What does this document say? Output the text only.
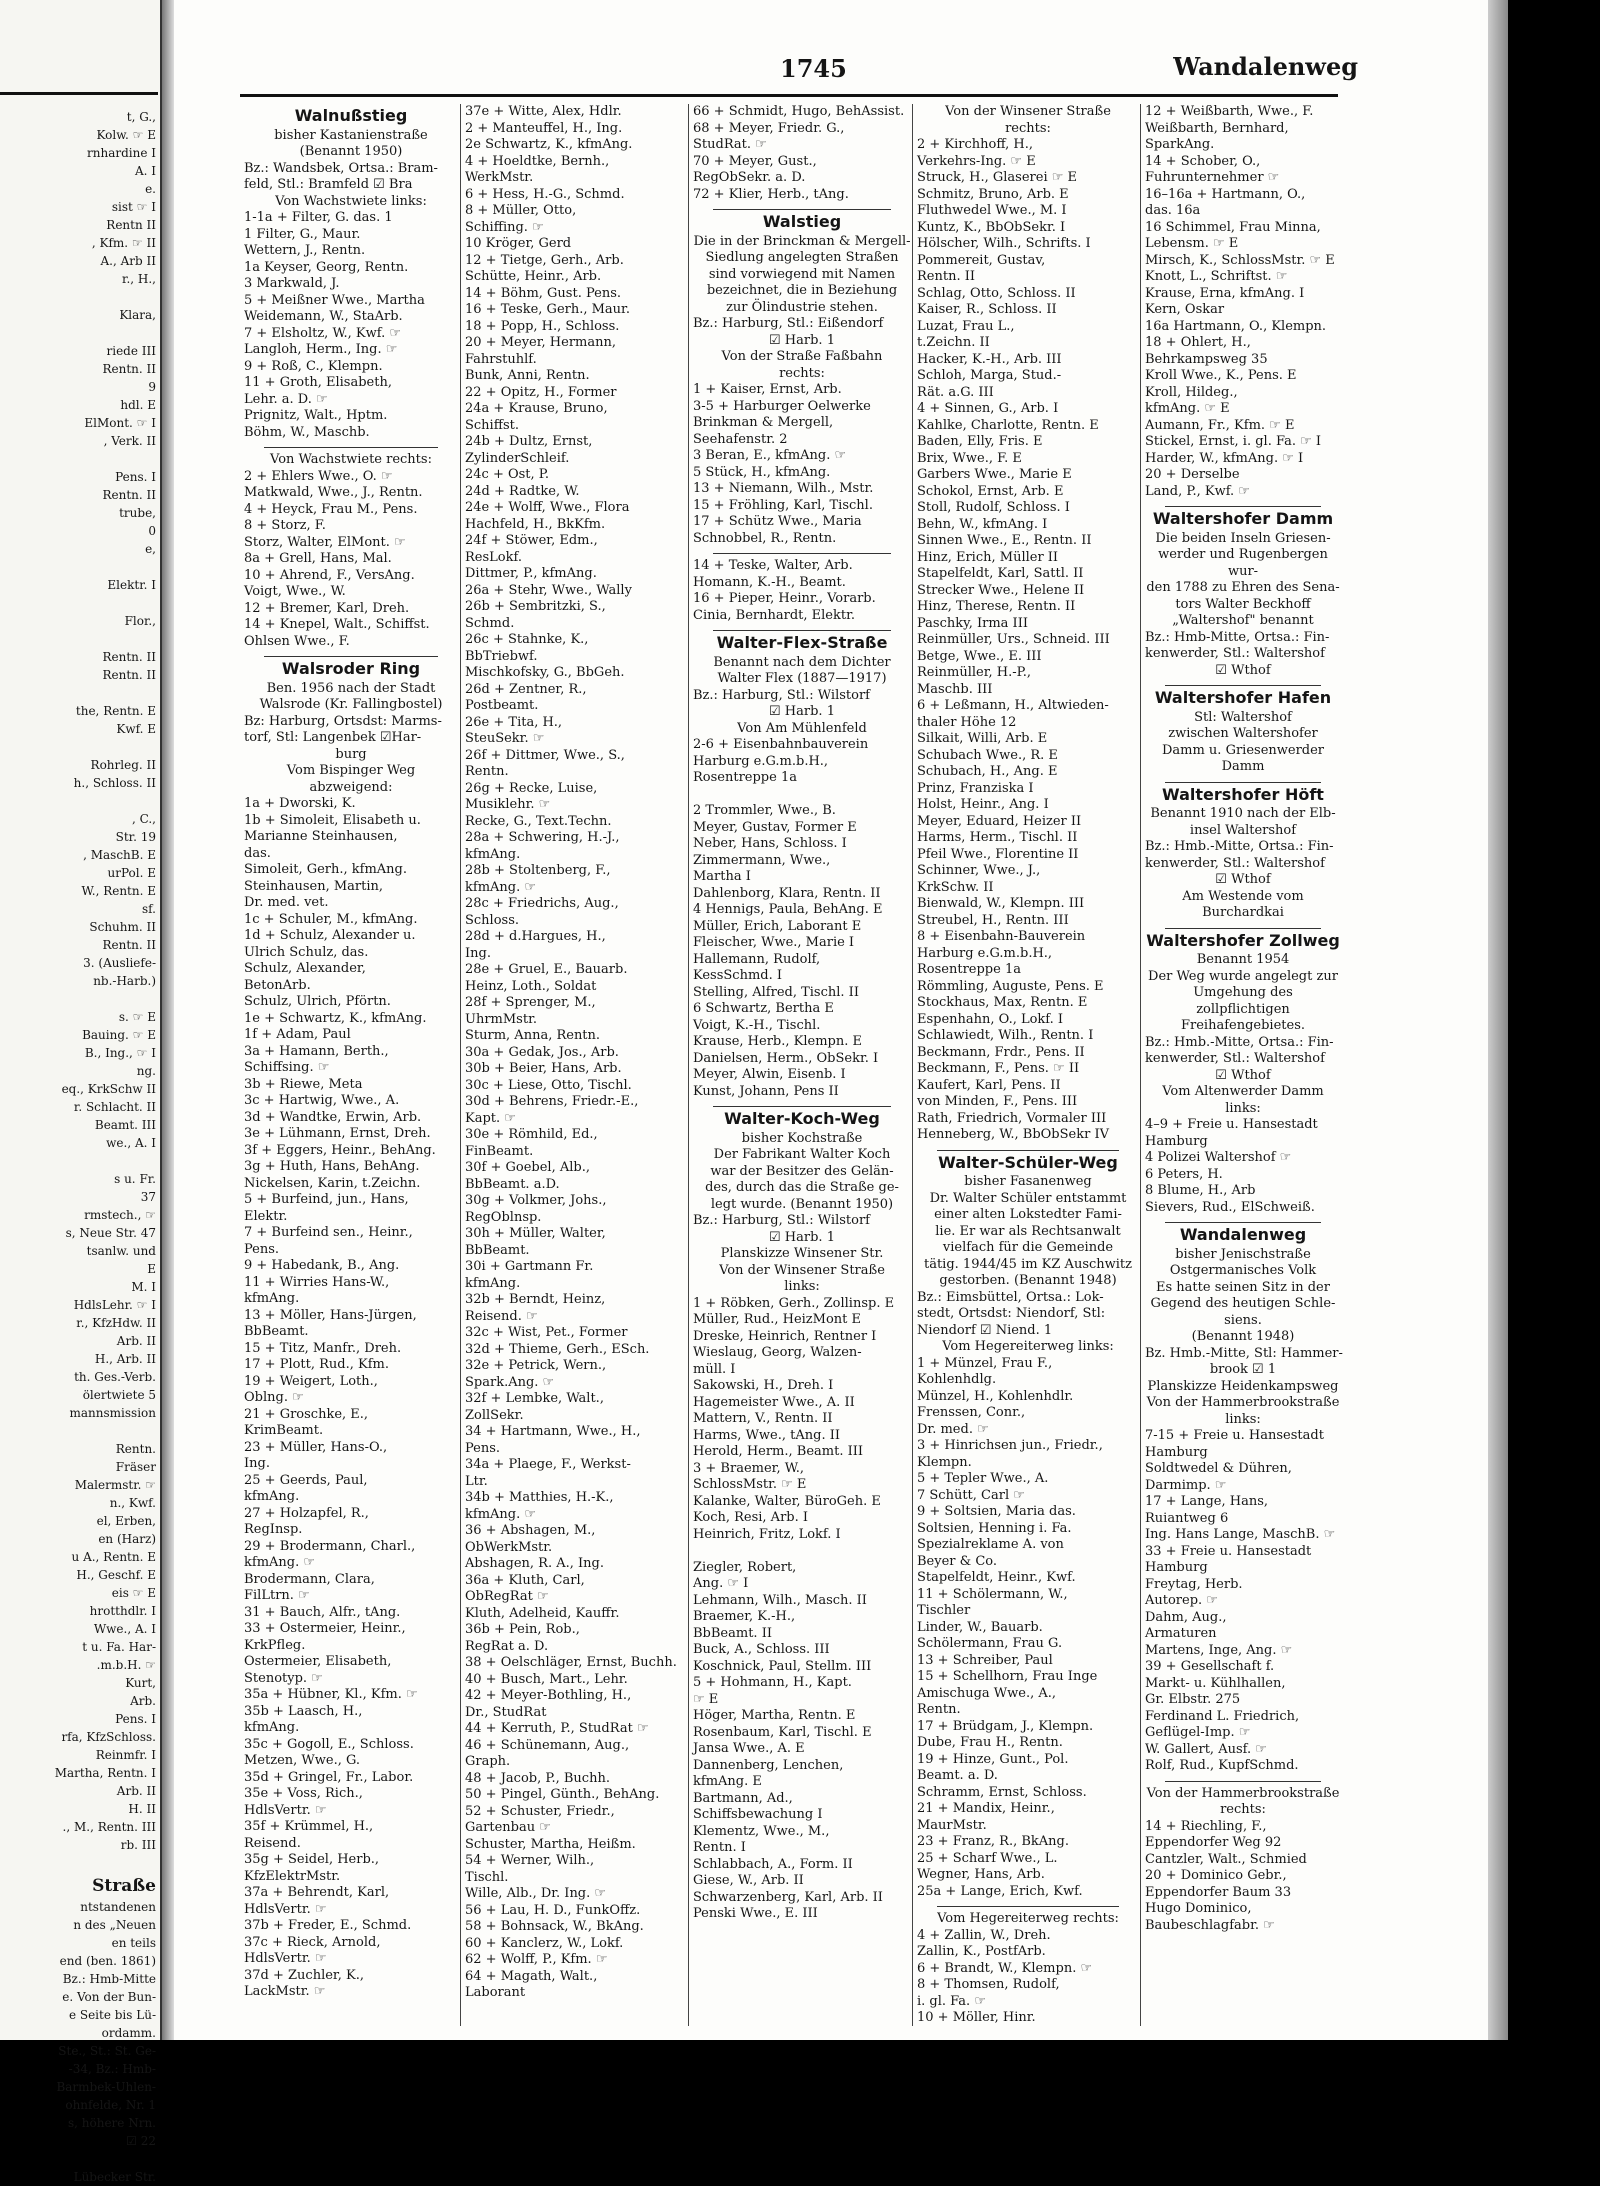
t, G.,
Kolw. ☞ E
rnhardine I
A. I
e.
sist ☞ I
Rentn II
, Kfm. ☞ II
A., Arb II
r., H.,

Klara,

riede III
Rentn. II
9
hdl. E
ElMont. ☞ I
, Verk. II

Pens. I
Rentn. II
trube,
0
e,

Elektr. I

Flor.,

Rentn. II
Rentn. II

the, Rentn. E
Kwf. E

Rohrleg. II
h., Schloss. II

, C.,
Str. 19
, MaschB. E
urPol. E
W., Rentn. E
sf.
Schuhm. II
Rentn. II
3. (Ausliefe-
nb.-Harb.)

s. ☞ E
Bauing. ☞ E
B., Ing., ☞ I
ng.
eq., KrkSchw II
r. Schlacht. II
Beamt. III
we., A. I

s u. Fr.
37
rmstech., ☞
s, Neue Str. 47
tsanlw. und
E
M. I
HdlsLehr. ☞ I
r., KfzHdw. II
Arb. II
H., Arb. II
th. Ges.-Verb.
ölertwiete 5
mannsmission

Rentn.
Fräser
Malermstr. ☞
n., Kwf.
el, Erben,
en (Harz)
u A., Rentn. E
H., Geschf. E
eis ☞ E
hrotthdlr. I
Wwe., A. I
t u. Fa. Har-
.m.b.H. ☞
Kurt,
Arb.
Pens. I
rfa, KfzSchloss.
Reinmfr. I
Martha, Rentn. I
Arb. II
H. II
., M., Rentn. III
rb. III

Straße
ntstandenen
n des „Neuen
en teils
end (ben. 1861)
Bz.: Hmb-Mitte
e. Von der Bun-
e Seite bis Lü-
ordamm.
Ste., St.: St. Ge-
-34, Bz.: Hmb-
Barmbek-Uhlen-
ohnfelde, Nr. 1
s, höhere Nrn.
☑ 22

Lübecker Str.
1745	Wandalenweg
Walnußstieg
bisher Kastanienstraße
(Benannt 1950)
Bz.: Wandsbek, Ortsa.: Bram-
feld, Stl.: Bramfeld ☑ Bra
Von Wachstwiete links:
1-1a + Filter, G. das. 1
1 Filter, G., Maur.
Wettern, J., Rentn.
1a Keyser, Georg, Rentn.
3 Markwald, J.
5 + Meißner Wwe., Martha
Weidemann, W., StaArb.
7 + Elsholtz, W., Kwf. ☞
Langloh, Herm., Ing. ☞
9 + Roß, C., Klempn.
11 + Groth, Elisabeth,
Lehr. a. D. ☞
Prignitz, Walt., Hptm.
Böhm, W., Maschb.
Von Wachstwiete rechts:
2 + Ehlers Wwe., O. ☞
Matkwald, Wwe., J., Rentn.
4 + Heyck, Frau M., Pens.
8 + Storz, F.
Storz, Walter, ElMont. ☞
8a + Grell, Hans, Mal.
10 + Ahrend, F., VersAng.
Voigt, Wwe., W.
12 + Bremer, Karl, Dreh.
14 + Knepel, Walt., Schiffst.
Ohlsen Wwe., F.
Walsroder Ring
Ben. 1956 nach der Stadt
Walsrode (Kr. Fallingbostel)
Bz: Harburg, Ortsdst: Marms-
torf, Stl: Langenbek ☑Har-
burg
Vom Bispinger Weg
abzweigend:
1a + Dworski, K.
1b + Simoleit, Elisabeth u.
Marianne Steinhausen,
das.
Simoleit, Gerh., kfmAng.
Steinhausen, Martin,
Dr. med. vet.
1c + Schuler, M., kfmAng.
1d + Schulz, Alexander u.
Ulrich Schulz, das.
Schulz, Alexander,
BetonArb.
Schulz, Ulrich, Pförtn.
1e + Schwartz, K., kfmAng.
1f + Adam, Paul
3a + Hamann, Berth.,
Schiffsing. ☞
3b + Riewe, Meta
3c + Hartwig, Wwe., A.
3d + Wandtke, Erwin, Arb.
3e + Lühmann, Ernst, Dreh.
3f + Eggers, Heinr., BehAng.
3g + Huth, Hans, BehAng.
Nickelsen, Karin, t.Zeichn.
5 + Burfeind, jun., Hans,
Elektr.
7 + Burfeind sen., Heinr.,
Pens.
9 + Habedank, B., Ang.
11 + Wirries Hans-W.,
kfmAng.
13 + Möller, Hans-Jürgen,
BbBeamt.
15 + Titz, Manfr., Dreh.
17 + Plott, Rud., Kfm.
19 + Weigert, Loth.,
Oblng. ☞
21 + Groschke, E.,
KrimBeamt.
23 + Müller, Hans-O.,
Ing.
25 + Geerds, Paul,
kfmAng.
27 + Holzapfel, R.,
RegInsp.
29 + Brodermann, Charl.,
kfmAng. ☞
Brodermann, Clara,
FilLtrn. ☞
31 + Bauch, Alfr., tAng.
33 + Ostermeier, Heinr.,
KrkPfleg.
Ostermeier, Elisabeth,
Stenotyp. ☞
35a + Hübner, Kl., Kfm. ☞
35b + Laasch, H.,
kfmAng.
35c + Gogoll, E., Schloss.
Metzen, Wwe., G.
35d + Gringel, Fr., Labor.
35e + Voss, Rich.,
HdlsVertr. ☞
35f + Krümmel, H.,
Reisend.
35g + Seidel, Herb.,
KfzElektrMstr.
37a + Behrendt, Karl,
HdlsVertr. ☞
37b + Freder, E., Schmd.
37c + Rieck, Arnold,
HdlsVertr. ☞
37d + Zuchler, K.,
LackMstr. ☞
37e + Witte, Alex, Hdlr.
2 + Manteuffel, H., Ing.
2e Schwartz, K., kfmAng.
4 + Hoeldtke, Bernh.,
WerkMstr.
6 + Hess, H.-G., Schmd.
8 + Müller, Otto,
Schiffing. ☞
10 Kröger, Gerd
12 + Tietge, Gerh., Arb.
Schütte, Heinr., Arb.
14 + Böhm, Gust. Pens.
16 + Teske, Gerh., Maur.
18 + Popp, H., Schloss.
20 + Meyer, Hermann,
Fahrstuhlf.
Bunk, Anni, Rentn.
22 + Opitz, H., Former
24a + Krause, Bruno,
Schiffst.
24b + Dultz, Ernst,
ZylinderSchleif.
24c + Ost, P.
24d + Radtke, W.
24e + Wolff, Wwe., Flora
Hachfeld, H., BkKfm.
24f + Stöwer, Edm.,
ResLokf.
Dittmer, P., kfmAng.
26a + Stehr, Wwe., Wally
26b + Sembritzki, S.,
Schmd.
26c + Stahnke, K.,
BbTriebwf.
Mischkofsky, G., BbGeh.
26d + Zentner, R.,
Postbeamt.
26e + Tita, H.,
SteuSekr. ☞
26f + Dittmer, Wwe., S.,
Rentn.
26g + Recke, Luise,
Musiklehr. ☞
Recke, G., Text.Techn.
28a + Schwering, H.-J.,
kfmAng.
28b + Stoltenberg, F.,
kfmAng. ☞
28c + Friedrichs, Aug.,
Schloss.
28d + d.Hargues, H.,
Ing.
28e + Gruel, E., Bauarb.
Heinz, Loth., Soldat
28f + Sprenger, M.,
UhrmMstr.
Sturm, Anna, Rentn.
30a + Gedak, Jos., Arb.
30b + Beier, Hans, Arb.
30c + Liese, Otto, Tischl.
30d + Behrens, Friedr.-E.,
Kapt. ☞
30e + Römhild, Ed.,
FinBeamt.
30f + Goebel, Alb.,
BbBeamt. a.D.
30g + Volkmer, Johs.,
RegOblnsp.
30h + Müller, Walter,
BbBeamt.
30i + Gartmann Fr.
kfmAng.
32b + Berndt, Heinz,
Reisend. ☞
32c + Wist, Pet., Former
32d + Thieme, Gerh., ESch.
32e + Petrick, Wern.,
Spark.Ang. ☞
32f + Lembke, Walt.,
ZollSekr.
34 + Hartmann, Wwe., H.,
Pens.
34a + Plaege, F., Werkst-
Ltr.
34b + Matthies, H.-K.,
kfmAng. ☞
36 + Abshagen, M.,
ObWerkMstr.
Abshagen, R. A., Ing.
36a + Kluth, Carl,
ObRegRat ☞
Kluth, Adelheid, Kauffr.
36b + Pein, Rob.,
RegRat a. D.
38 + Oelschläger, Ernst, Buchh.
40 + Busch, Mart., Lehr.
42 + Meyer-Bothling, H.,
Dr., StudRat
44 + Kerruth, P., StudRat ☞
46 + Schünemann, Aug.,
Graph.
48 + Jacob, P., Buchh.
50 + Pingel, Günth., BehAng.
52 + Schuster, Friedr.,
Gartenbau ☞
Schuster, Martha, Heißm.
54 + Werner, Wilh.,
Tischl.
Wille, Alb., Dr. Ing. ☞
56 + Lau, H. D., FunkOffz.
58 + Bohnsack, W., BkAng.
60 + Kanclerz, W., Lokf.
62 + Wolff, P., Kfm. ☞
64 + Magath, Walt.,
Laborant
66 + Schmidt, Hugo, BehAssist.
68 + Meyer, Friedr. G.,
StudRat. ☞
70 + Meyer, Gust.,
RegObSekr. a. D.
72 + Klier, Herb., tAng.
Walstieg
Die in der Brinckman & Mergell-
Siedlung angelegten Straßen
sind vorwiegend mit Namen
bezeichnet, die in Beziehung
zur Ölindustrie stehen.
Bz.: Harburg, Stl.: Eißendorf
☑ Harb. 1
Von der Straße Faßbahn
rechts:
1 + Kaiser, Ernst, Arb.
3-5 + Harburger Oelwerke
Brinkman & Mergell,
Seehafenstr. 2
3 Beran, E., kfmAng. ☞
5 Stück, H., kfmAng.
13 + Niemann, Wilh., Mstr.
15 + Fröhling, Karl, Tischl.
17 + Schütz Wwe., Maria
Schnobbel, R., Rentn.
14 + Teske, Walter, Arb.
Homann, K.-H., Beamt.
16 + Pieper, Heinr., Vorarb.
Cinia, Bernhardt, Elektr.
Walter-Flex-Straße
Benannt nach dem Dichter
Walter Flex (1887—1917)
Bz.: Harburg, Stl.: Wilstorf
☑ Harb. 1
Von Am Mühlenfeld
2-6 + Eisenbahnbauverein
Harburg e.G.m.b.H.,
Rosentreppe 1a

2 Trommler, Wwe., B.
Meyer, Gustav, Former E
Neber, Hans, Schloss. I
Zimmermann, Wwe.,
Martha I
Dahlenborg, Klara, Rentn. II
4 Hennigs, Paula, BehAng. E
Müller, Erich, Laborant E
Fleischer, Wwe., Marie I
Hallemann, Rudolf,
KessSchmd. I
Stelling, Alfred, Tischl. II
6 Schwartz, Bertha E
Voigt, K.-H., Tischl.
Krause, Herb., Klempn. E
Danielsen, Herm., ObSekr. I
Meyer, Alwin, Eisenb. I
Kunst, Johann, Pens II
Walter-Koch-Weg
bisher Kochstraße
Der Fabrikant Walter Koch
war der Besitzer des Gelän-
des, durch das die Straße ge-
legt wurde. (Benannt 1950)
Bz.: Harburg, Stl.: Wilstorf
☑ Harb. 1
Planskizze Winsener Str.
Von der Winsener Straße
links:
1 + Röbken, Gerh., Zollinsp. E
Müller, Rud., HeizMont E
Dreske, Heinrich, Rentner I
Wieslaug, Georg, Walzen-
müll. I
Sakowski, H., Dreh. I
Hagemeister Wwe., A. II
Mattern, V., Rentn. II
Harms, Wwe., tAng. II
Herold, Herm., Beamt. III
3 + Braemer, W.,
SchlossMstr. ☞ E
Kalanke, Walter, BüroGeh. E
Koch, Resi, Arb. I
Heinrich, Fritz, Lokf. I

Ziegler, Robert,
Ang. ☞ I
Lehmann, Wilh., Masch. II
Braemer, K.-H.,
BbBeamt. II
Buck, A., Schloss. III
Koschnick, Paul, Stellm. III
5 + Hohmann, H., Kapt.
☞ E
Höger, Martha, Rentn. E
Rosenbaum, Karl, Tischl. E
Jansa Wwe., A. E
Dannenberg, Lenchen,
kfmAng. E
Bartmann, Ad.,
Schiffsbewachung I
Klementz, Wwe., M.,
Rentn. I
Schlabbach, A., Form. II
Giese, W., Arb. II
Schwarzenberg, Karl, Arb. II
Penski Wwe., E. III
Von der Winsener Straße
rechts:
2 + Kirchhoff, H.,
Verkehrs-Ing. ☞ E
Struck, H., Glaserei ☞ E
Schmitz, Bruno, Arb. E
Fluthwedel Wwe., M. I
Kuntz, K., BbObSekr. I
Hölscher, Wilh., Schrifts. I
Pommereit, Gustav,
Rentn. II
Schlag, Otto, Schloss. II
Kaiser, R., Schloss. II
Luzat, Frau L.,
t.Zeichn. II
Hacker, K.-H., Arb. III
Schloh, Marga, Stud.-
Rät. a.G. III
4 + Sinnen, G., Arb. I
Kahlke, Charlotte, Rentn. E
Baden, Elly, Fris. E
Brix, Wwe., F. E
Garbers Wwe., Marie E
Schokol, Ernst, Arb. E
Stoll, Rudolf, Schloss. I
Behn, W., kfmAng. I
Sinnen Wwe., E., Rentn. II
Hinz, Erich, Müller II
Stapelfeldt, Karl, Sattl. II
Strecker Wwe., Helene II
Hinz, Therese, Rentn. II
Paschky, Irma III
Reinmüller, Urs., Schneid. III
Betge, Wwe., E. III
Reinmüller, H.-P.,
Maschb. III
6 + Leßmann, H., Altwieden-
thaler Höhe 12
Silkait, Willi, Arb. E
Schubach Wwe., R. E
Schubach, H., Ang. E
Prinz, Franziska I
Holst, Heinr., Ang. I
Meyer, Eduard, Heizer II
Harms, Herm., Tischl. II
Pfeil Wwe., Florentine II
Schinner, Wwe., J.,
KrkSchw. II
Bienwald, W., Klempn. III
Streubel, H., Rentn. III
8 + Eisenbahn-Bauverein
Harburg e.G.m.b.H.,
Rosentreppe 1a
Römmling, Auguste, Pens. E
Stockhaus, Max, Rentn. E
Espenhahn, O., Lokf. I
Schlawiedt, Wilh., Rentn. I
Beckmann, Frdr., Pens. II
Beckmann, F., Pens. ☞ II
Kaufert, Karl, Pens. II
von Minden, F., Pens. III
Rath, Friedrich, Vormaler III
Henneberg, W., BbObSekr IV
Walter-Schüler-Weg
bisher Fasanenweg
Dr. Walter Schüler entstammt
einer alten Lokstedter Fami-
lie. Er war als Rechtsanwalt
vielfach für die Gemeinde
tätig. 1944/45 im KZ Auschwitz
gestorben. (Benannt 1948)
Bz.: Eimsbüttel, Ortsa.: Lok-
stedt, Ortsdst: Niendorf, Stl:
Niendorf ☑ Niend. 1
Vom Hegereiterweg links:
1 + Münzel, Frau F.,
Kohlenhdlg.
Münzel, H., Kohlenhdlr.
Frenssen, Conr.,
Dr. med. ☞
3 + Hinrichsen jun., Friedr.,
Klempn.
5 + Tepler Wwe., A.
7 Schütt, Carl ☞
9 + Soltsien, Maria das.
Soltsien, Henning i. Fa.
Spezialreklame A. von
Beyer & Co.
Stapelfeldt, Heinr., Kwf.
11 + Schölermann, W.,
Tischler
Linder, W., Bauarb.
Schölermann, Frau G.
13 + Schreiber, Paul
15 + Schellhorn, Frau Inge
Amischuga Wwe., A.,
Rentn.
17 + Brüdgam, J., Klempn.
Dube, Frau H., Rentn.
19 + Hinze, Gunt., Pol.
Beamt. a. D.
Schramm, Ernst, Schloss.
21 + Mandix, Heinr.,
MaurMstr.
23 + Franz, R., BkAng.
25 + Scharf Wwe., L.
Wegner, Hans, Arb.
25a + Lange, Erich, Kwf.
Vom Hegereiterweg rechts:
4 + Zallin, W., Dreh.
Zallin, K., PostfArb.
6 + Brandt, W., Klempn. ☞
8 + Thomsen, Rudolf,
i. gl. Fa. ☞
10 + Möller, Hinr.
12 + Weißbarth, Wwe., F.
Weißbarth, Bernhard,
SparkAng.
14 + Schober, O.,
Fuhrunternehmer ☞
16–16a + Hartmann, O.,
das. 16a
16 Schimmel, Frau Minna,
Lebensm. ☞ E
Mirsch, K., SchlossMstr. ☞ E
Knott, L., Schriftst. ☞
Krause, Erna, kfmAng. I
Kern, Oskar
16a Hartmann, O., Klempn.
18 + Ohlert, H.,
Behrkampsweg 35
Kroll Wwe., K., Pens. E
Kroll, Hildeg.,
kfmAng. ☞ E
Aumann, Fr., Kfm. ☞ E
Stickel, Ernst, i. gl. Fa. ☞ I
Harder, W., kfmAng. ☞ I
20 + Derselbe
Land, P., Kwf. ☞
Waltershofer Damm
Die beiden Inseln Griesen-
werder und Rugenbergen wur-
den 1788 zu Ehren des Sena-
tors Walter Beckhoff
„Waltershof" benannt
Bz.: Hmb-Mitte, Ortsa.: Fin-
kenwerder, Stl.: Waltershof
☑ Wthof
Waltershofer Hafen
Stl: Waltershof
zwischen Waltershofer
Damm u. Griesenwerder
Damm
Waltershofer Höft
Benannt 1910 nach der Elb-
insel Waltershof
Bz.: Hmb.-Mitte, Ortsa.: Fin-
kenwerder, Stl.: Waltershof
☑ Wthof
Am Westende vom
Burchardkai
Waltershofer Zollweg
Benannt 1954
Der Weg wurde angelegt zur
Umgehung des zollpflichtigen
Freihafengebietes.
Bz.: Hmb.-Mitte, Ortsa.: Fin-
kenwerder, Stl.: Waltershof
☑ Wthof
Vom Altenwerder Damm links:
4–9 + Freie u. Hansestadt
Hamburg
4 Polizei Waltershof ☞
6 Peters, H.
8 Blume, H., Arb
Sievers, Rud., ElSchweiß.
Wandalenweg
bisher Jenischstraße
Ostgermanisches Volk
Es hatte seinen Sitz in der
Gegend des heutigen Schle-
siens.
(Benannt 1948)
Bz. Hmb.-Mitte, Stl: Hammer-
brook ☑ 1
Planskizze Heidenkampsweg
Von der Hammerbrookstraße
links:
7-15 + Freie u. Hansestadt
Hamburg
Soldtwedel & Dühren,
Darmimp. ☞
17 + Lange, Hans,
Ruiantweg 6
Ing. Hans Lange, MaschB. ☞
33 + Freie u. Hansestadt
Hamburg
Freytag, Herb.
Autorep. ☞
Dahm, Aug.,
Armaturen
Martens, Inge, Ang. ☞
39 + Gesellschaft f.
Markt- u. Kühlhallen,
Gr. Elbstr. 275
Ferdinand L. Friedrich,
Geflügel-Imp. ☞
W. Gallert, Ausf. ☞
Rolf, Rud., KupfSchmd.
Von der Hammerbrookstraße
rechts:
14 + Riechling, F.,
Eppendorfer Weg 92
Cantzler, Walt., Schmied
20 + Dominico Gebr.,
Eppendorfer Baum 33
Hugo Dominico,
Baubeschlagfabr. ☞
